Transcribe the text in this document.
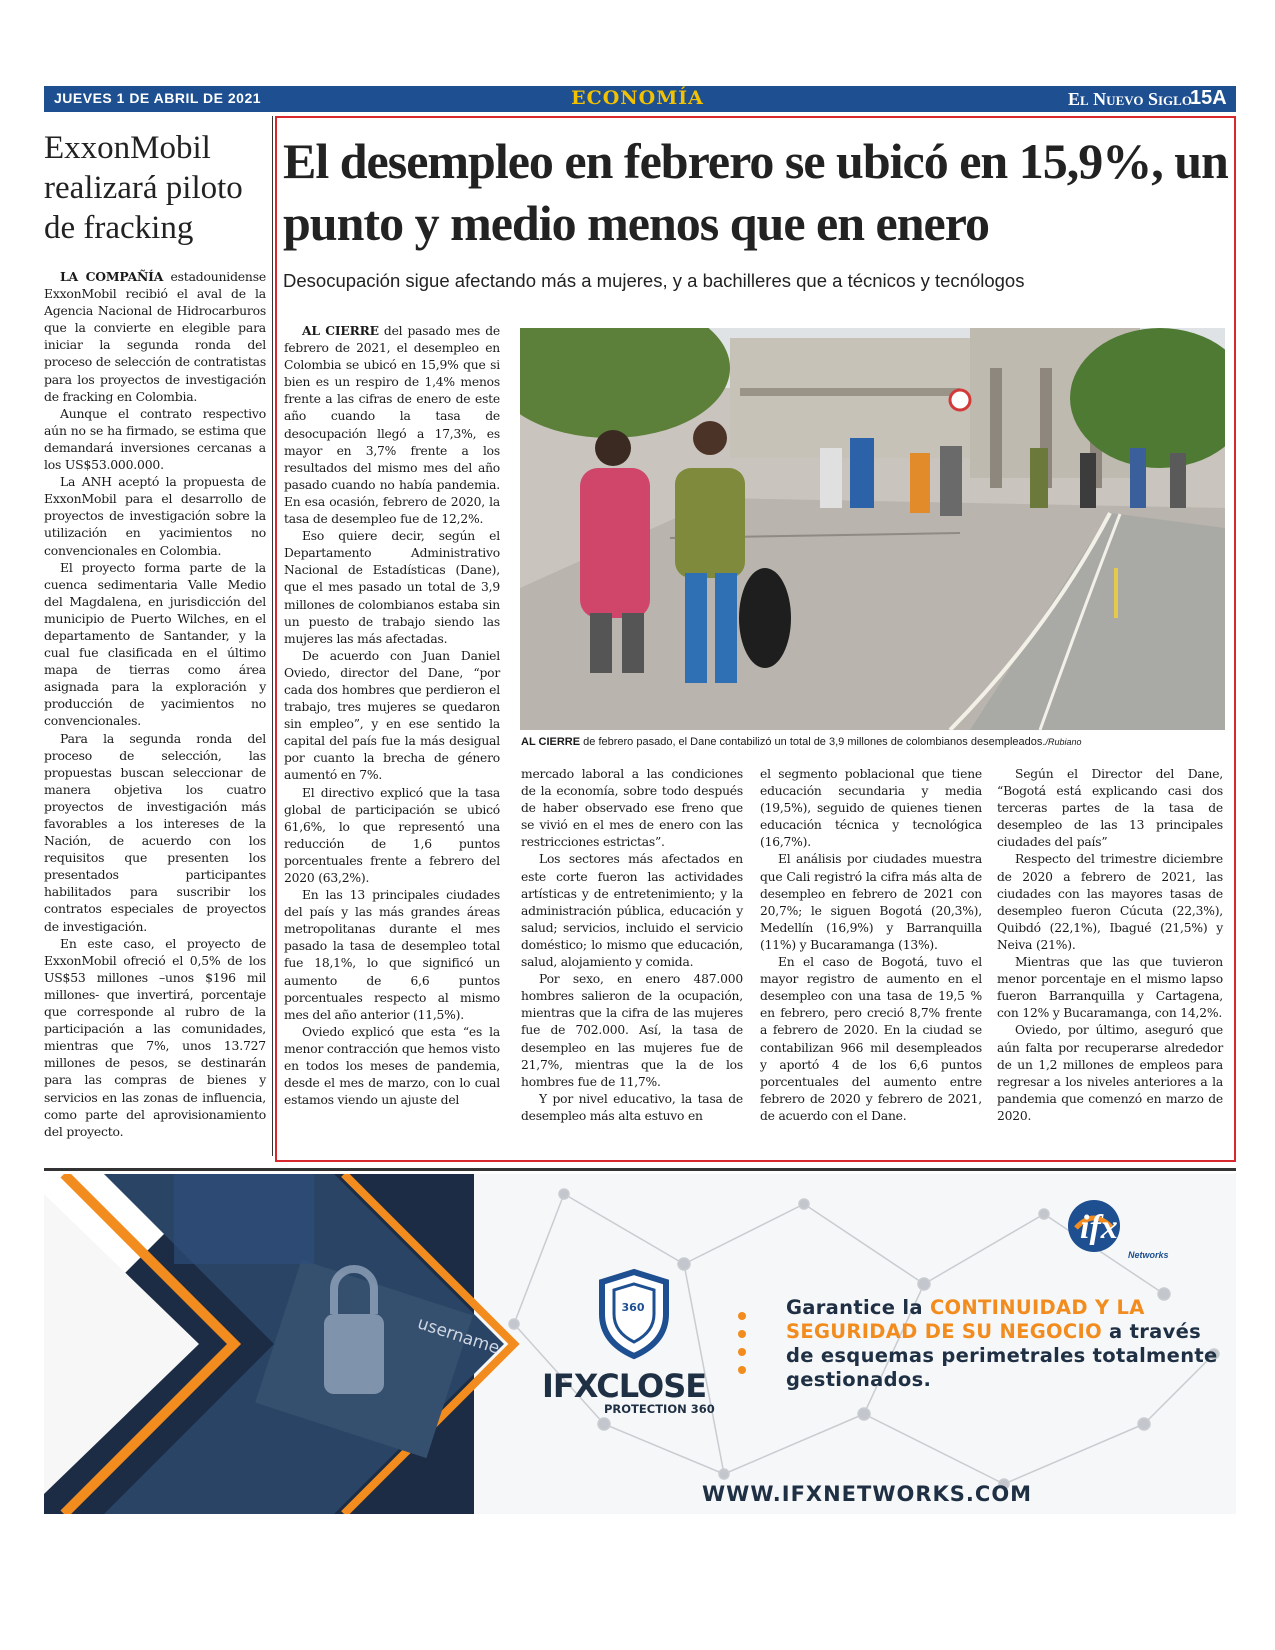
JUEVES 1 DE ABRIL DE 2021	ECONOMÍA	El Nuevo Siglo
15A
ExxonMobil realizará piloto de fracking

LA COMPAÑÍA estadounidense ExxonMobil recibió el aval de la Agencia Nacional de Hidrocarburos que la convierte en elegible para iniciar la segunda ronda del proceso de selección de contratistas para los proyectos de investigación de fracking en Colombia.

Aunque el contrato respectivo aún no se ha firmado, se estima que demandará inversiones cercanas a los US$53.000.000.

La ANH aceptó la propuesta de ExxonMobil para el desarrollo de proyectos de investigación sobre la utilización en yacimientos no convencionales en Colombia.

El proyecto forma parte de la cuenca sedimentaria Valle Medio del Magdalena, en jurisdicción del municipio de Puerto Wilches, en el departamento de Santander, y la cual fue clasificada en el último mapa de tierras como área asignada para la exploración y producción de yacimientos no convencionales.

Para la segunda ronda del proceso de selección, las propuestas buscan seleccionar de manera objetiva los cuatro proyectos de investigación más favorables a los intereses de la Nación, de acuerdo con los requisitos que presenten los presentados participantes habilitados para suscribir los contratos especiales de proyectos de investigación.

En este caso, el proyecto de ExxonMobil ofreció el 0,5% de los US$53 millones –unos $196 mil millones- que invertirá, porcentaje que corresponde al rubro de la participación a las comunidades, mientras que 7%, unos 13.727 millones de pesos, se destinarán para las compras de bienes y servicios en las zonas de influencia, como parte del aprovisionamiento del proyecto.

El desempleo en febrero se ubicó en 15,9%, un punto y medio menos que en enero
Desocupación sigue afectando más a mujeres, y a bachilleres que a técnicos y tecnólogos

AL CIERRE del pasado mes de febrero de 2021, el desempleo en Colombia se ubicó en 15,9% que si bien es un respiro de 1,4% menos frente a las cifras de enero de este año cuando la tasa de desocupación llegó a 17,3%, es mayor en 3,7% frente a los resultados del mismo mes del año pasado cuando no había pandemia. En esa ocasión, febrero de 2020, la tasa de desempleo fue de 12,2%.

Eso quiere decir, según el Departamento Administrativo Nacional de Estadísticas (Dane), que el mes pasado un total de 3,9 millones de colombianos estaba sin un puesto de trabajo siendo las mujeres las más afectadas.

De acuerdo con Juan Daniel Oviedo, director del Dane, “por cada dos hombres que perdieron el trabajo, tres mujeres se quedaron sin empleo”, y en ese sentido la capital del país fue la más desigual por cuanto la brecha de género aumentó en 7%.

El directivo explicó que la tasa global de participación se ubicó 61,6%, lo que representó una reducción de 1,6 puntos porcentuales frente a febrero del 2020 (63,2%).

En las 13 principales ciudades del país y las más grandes áreas metropolitanas durante el mes pasado la tasa de desempleo total fue 18,1%, lo que significó un aumento de 6,6 puntos porcentuales respecto al mismo mes del año anterior (11,5%).

Oviedo explicó que esta “es la menor contracción que hemos visto en todos los meses de pandemia, desde el mes de marzo, con lo cual estamos viendo un ajuste del

AL CIERRE de febrero pasado, el Dane contabilizó un total de 3,9 millones de colombianos desempleados./Rubiano

mercado laboral a las condiciones de la economía, sobre todo después de haber observado ese freno que se vivió en el mes de enero con las restricciones estrictas”.

Los sectores más afectados en este corte fueron las actividades artísticas y de entretenimiento; y la administración pública, educación y salud; servicios, incluido el servicio doméstico; lo mismo que educación, salud, alojamiento y comida.

Por sexo, en enero 487.000 hombres salieron de la ocupación, mientras que la cifra de las mujeres fue de 702.000. Así, la tasa de desempleo en las mujeres fue de 21,7%, mientras que la de los hombres fue de 11,7%.

Y por nivel educativo, la tasa de desempleo más alta estuvo en

el segmento poblacional que tiene educación secundaria y media (19,5%), seguido de quienes tienen educación técnica y tecnológica (16,7%).

El análisis por ciudades muestra que Cali registró la cifra más alta de desempleo en febrero de 2021 con 20,7%; le siguen Bogotá (20,3%), Medellín (16,9%) y Barranquilla (11%) y Bucaramanga (13%).

En el caso de Bogotá, tuvo el mayor registro de aumento en el desempleo con una tasa de 19,5 % en febrero, pero creció 8,7% frente a febrero de 2020. En la ciudad se contabilizan 966 mil desempleados y aportó 4 de los 6,6 puntos porcentuales del aumento entre febrero de 2020 y febrero de 2021, de acuerdo con el Dane.

Según el Director del Dane, “Bogotá está explicando casi dos terceras partes de la tasa de desempleo de las 13 principales ciudades del país”

Respecto del trimestre diciembre de 2020 a febrero de 2021, las ciudades con las mayores tasas de desempleo fueron Cúcuta (22,3%), Quibdó (22,1%), Ibagué (21,5%) y Neiva (21%).

Mientras que las que tuvieron menor porcentaje en el mismo lapso fueron Barranquilla y Cartagena, con 12% y Bucaramanga, con 14,2%.

Oviedo, por último, aseguró que aún falta por recuperarse alrededor de un 1,2 millones de empleos para regresar a los niveles anteriores a la pandemia que comenzó en marzo de 2020.

360
IFXCLOSE
PROTECTION 360
Garantice la CONTINUIDAD Y LA SEGURIDAD DE SU NEGOCIO a través de esquemas perimetrales totalmente gestionados.
ifx
Networks
username
WWW.IFXNETWORKS.COM
